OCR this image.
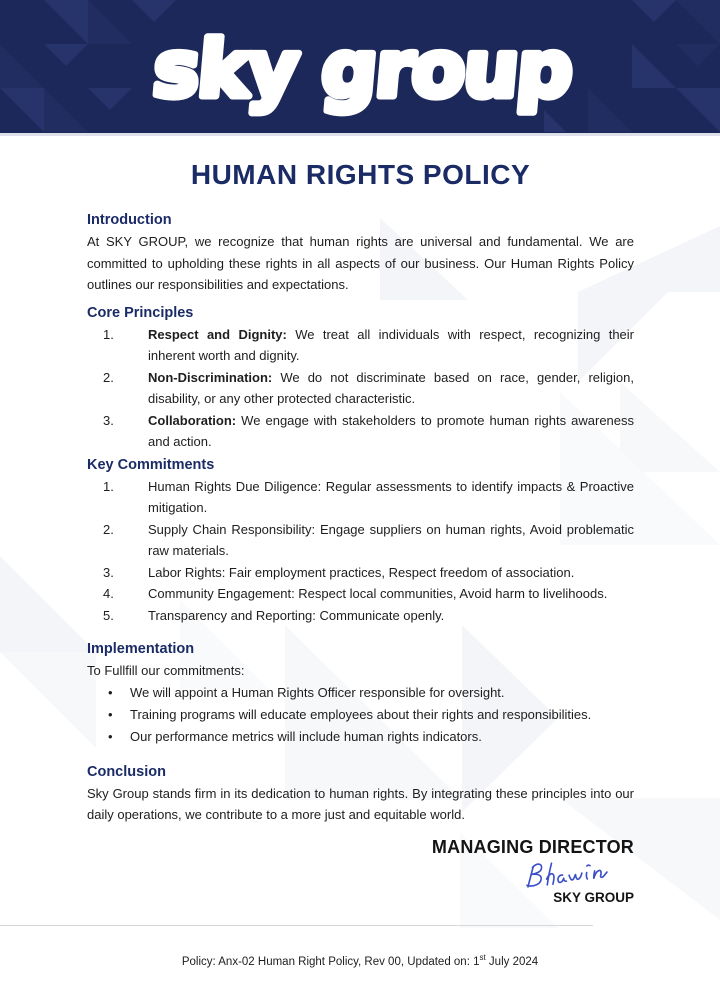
sky group
HUMAN RIGHTS POLICY
Introduction

At SKY GROUP, we recognize that human rights are universal and fundamental. We are committed to upholding these rights in all aspects of our business. Our Human Rights Policy outlines our responsibilities and expectations.

Core Principles
1.	Respect and Dignity: We treat all individuals with respect, recognizing their inherent worth and dignity.
2.	Non-Discrimination: We do not discriminate based on race, gender, religion, disability, or any other protected characteristic.
3.	Collaboration: We engage with stakeholders to promote human rights awareness and action.
Key Commitments
1.	Human Rights Due Diligence: Regular assessments to identify impacts & Proactive mitigation.
2.	Supply Chain Responsibility: Engage suppliers on human rights, Avoid problematic raw materials.
3.	Labor Rights: Fair employment practices, Respect freedom of association.
4.	Community Engagement: Respect local communities, Avoid harm to livelihoods.
5.	Transparency and Reporting: Communicate openly.
Implementation

To Fullfill our commitments:

•
We will appoint a Human Rights Officer responsible for oversight.
•
Training programs will educate employees about their rights and responsibilities.
•
Our performance metrics will include human rights indicators.
Conclusion

Sky Group stands firm in its dedication to human rights. By integrating these principles into our daily operations, we contribute to a more just and equitable world.

MANAGING DIRECTOR
SKY GROUP
Policy: Anx-02 Human Right Policy, Rev 00, Updated on: 1st July 2024
